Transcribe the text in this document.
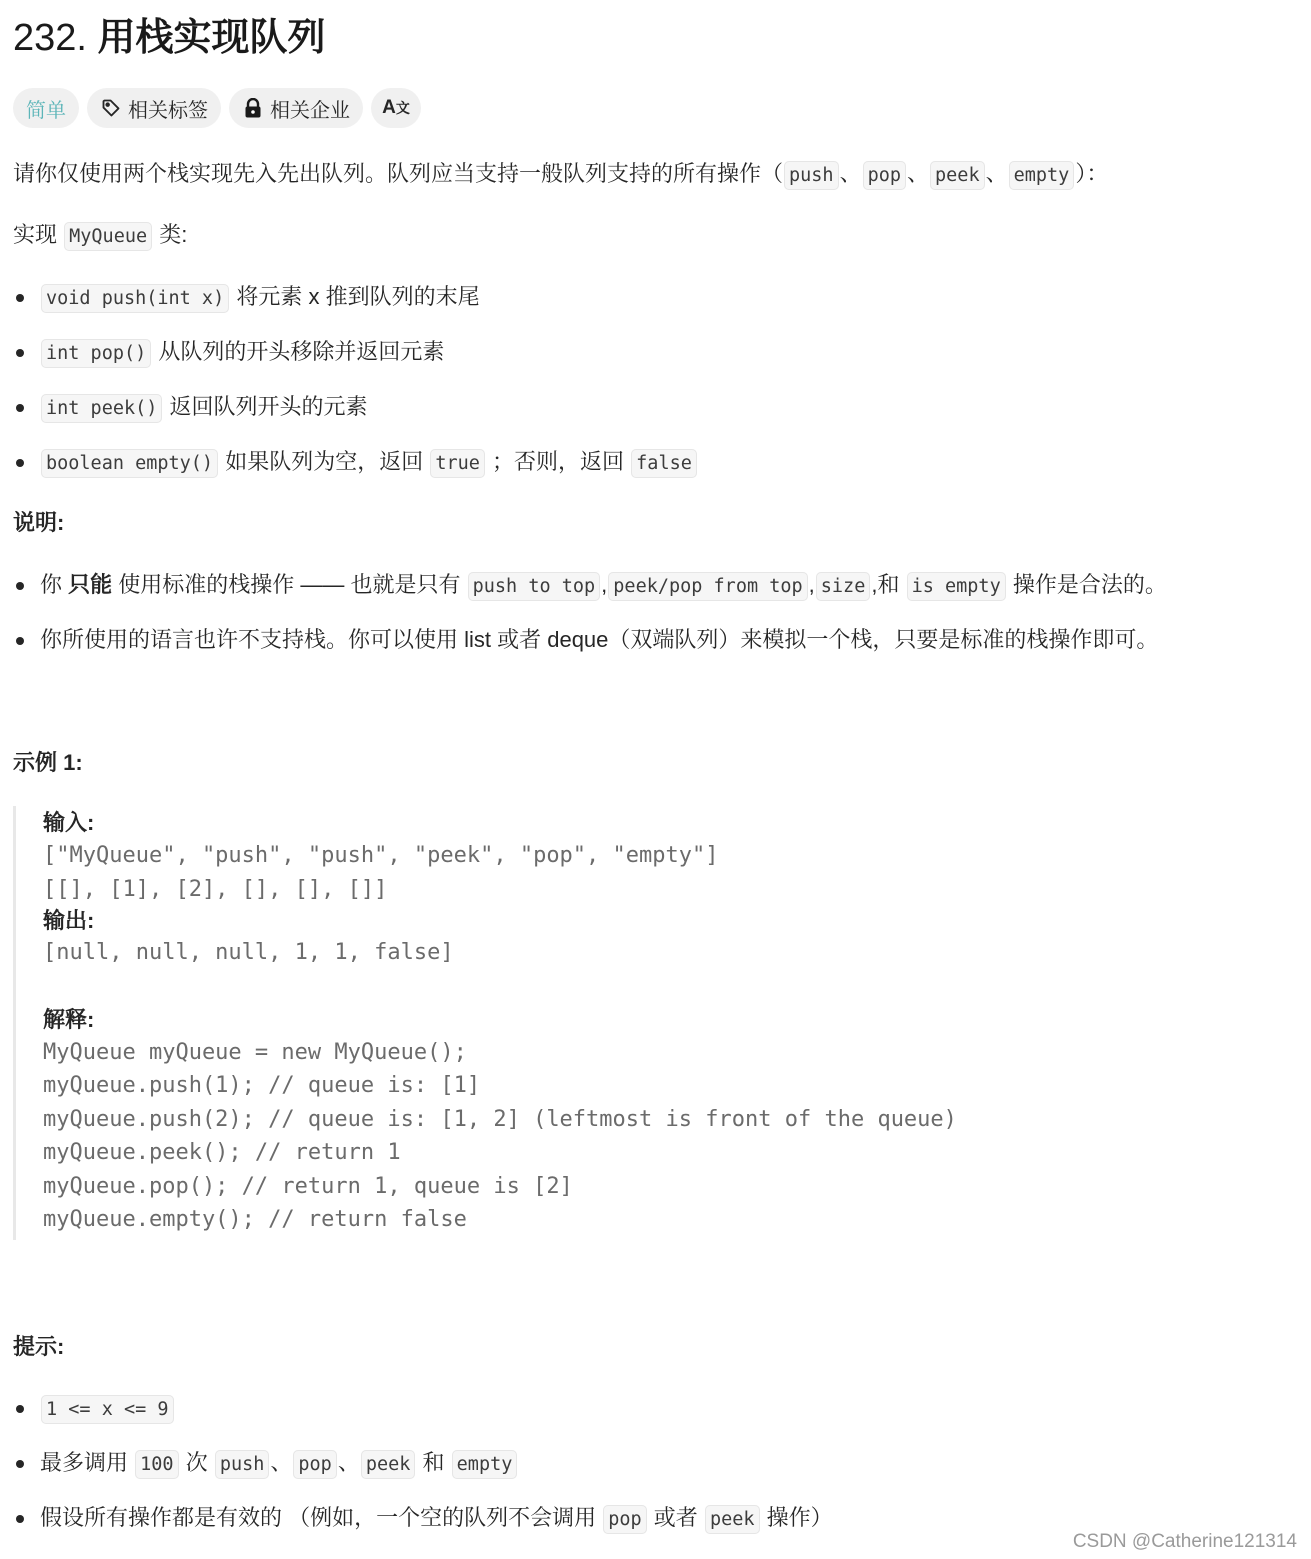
232. 用栈实现队列
简单	相关标签	相关企业 A文
请你仅使用两个栈实现先入先出队列。队列应当支持一般队列支持的所有操作（ push 、 pop 、 peek 、 empty ）：
实现 MyQueue 类:
void push(int x) 将元素 x 推到队列的末尾
int pop() 从队列的开头移除并返回元素
int peek() 返回队列开头的元素
boolean empty() 如果队列为空，返回 true ；否则，返回 false
说明:
你 只能 使用标准的栈操作 —— 也就是只有 push to top , peek/pop from top , size ,和 is empty 操作是合法的。
你所使用的语言也许不支持栈。你可以使用 list 或者 deque（双端队列）来模拟一个栈，只要是标准的栈操作即可。
示例 1:
输入:
["MyQueue", "push", "push", "peek", "pop", "empty"]
[[], [1], [2], [], [], []]
输出:
[null, null, null, 1, 1, false]
解释:
MyQueue myQueue = new MyQueue();
myQueue.push(1); // queue is: [1]
myQueue.push(2); // queue is: [1, 2] (leftmost is front of the queue)
myQueue.peek(); // return 1
myQueue.pop(); // return 1, queue is [2]
myQueue.empty(); // return false
提示:
1 <= x <= 9
最多调用 100 次 push 、 pop 、 peek 和 empty
假设所有操作都是有效的 （例如，一个空的队列不会调用 pop 或者 peek 操作）
CSDN @Catherine121314
